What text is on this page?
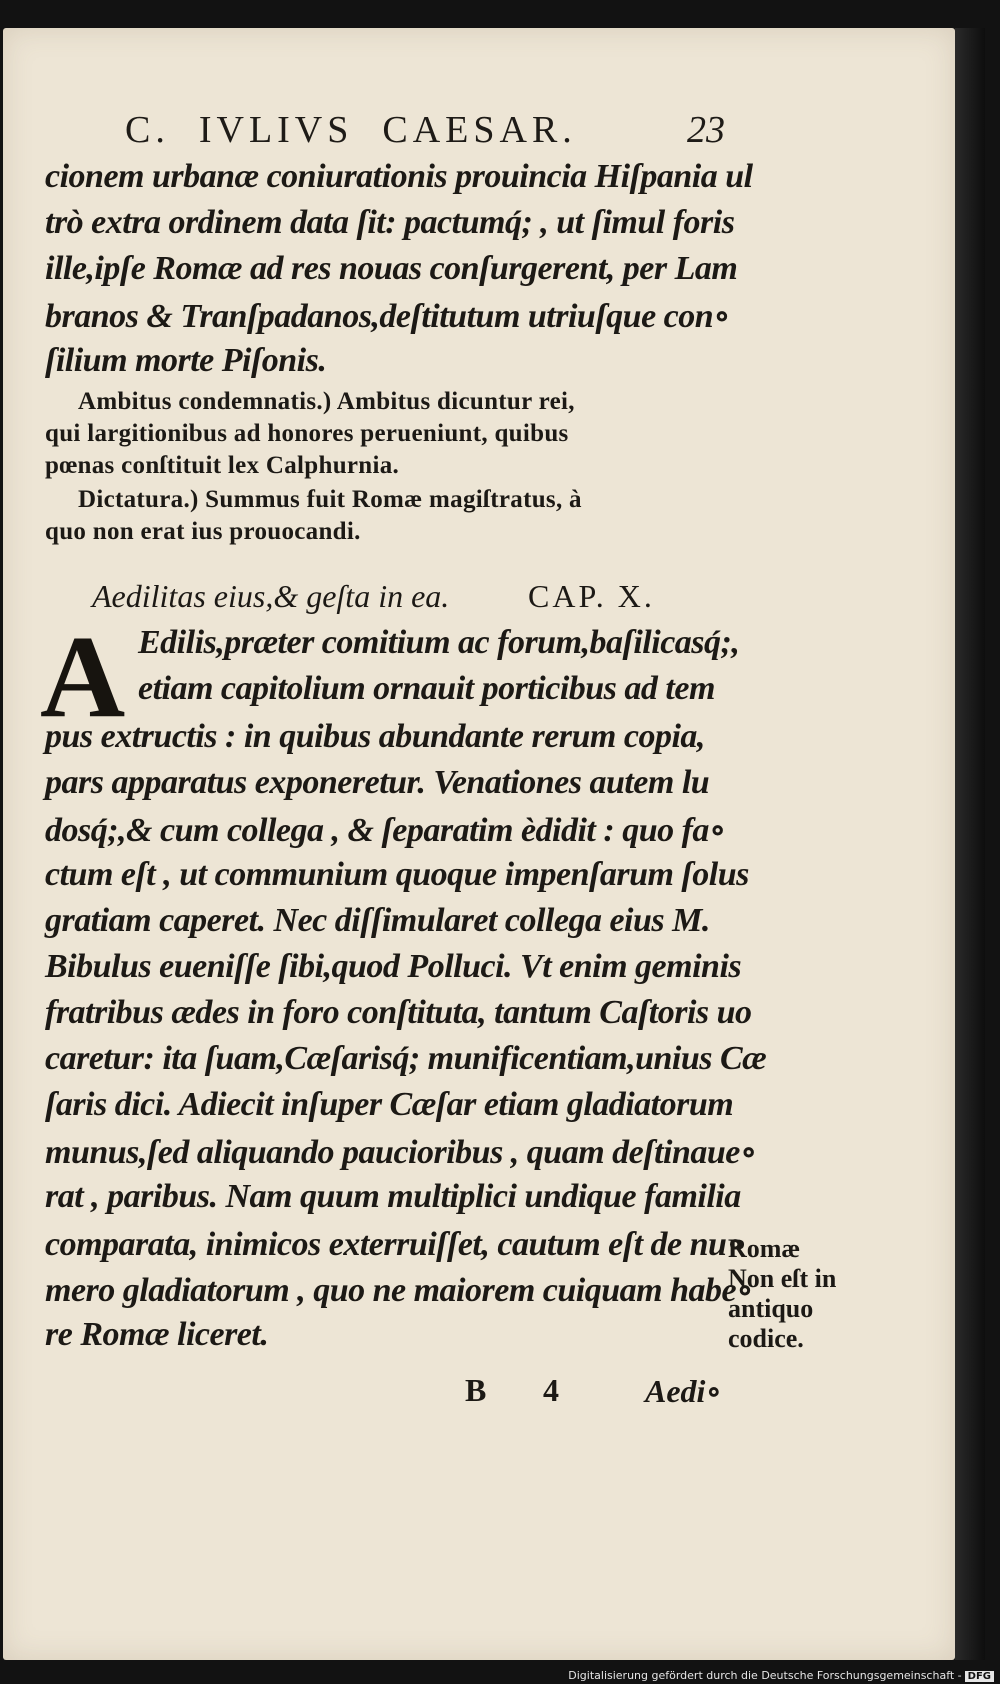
C.  IVLIVS  CAESAR.	23
cionem urbanæ coniurationis prouincia Hiſpania ul
trò extra ordinem data ſit: pactumq́; , ut ſimul foris
ille,ipſe Romæ ad res nouas conſurgerent, per Lam
branos & Tranſpadanos,deſtitutum utriuſque con∘
ſilium morte Piſonis.
Ambitus condemnatis.) Ambitus dicuntur rei,
qui largitionibus ad honores perueniunt, quibus
pœnas conſtituit lex Calphurnia.
Dictatura.) Summus fuit Romæ magiſtratus, à
quo non erat ius prouocandi.
Aedilitas eius,& geſta in ea. CAP. X.
A Edilis,præter comitium ac forum,baſilicasq́;,
etiam capitolium ornauit porticibus ad tem
pus extructis : in quibus abundante rerum copia,
pars apparatus exponeretur. Venationes autem lu
dosq́;,& cum collega , & ſeparatim èdidit : quo fa∘
ctum eſt , ut communium quoque impenſarum ſolus
gratiam caperet. Nec diſſimularet collega eius M.
Bibulus eueniſſe ſibi,quod Polluci. Vt enim geminis
fratribus ædes in foro conſtituta, tantum Caſtoris uo
caretur: ita ſuam,Cæſarisq́; munificentiam,unius Cæ
ſaris dici. Adiecit inſuper Cæſar etiam gladiatorum
munus,ſed aliquando paucioribus , quam deſtinaue∘
rat , paribus. Nam quum multiplici undique familia
comparata, inimicos exterruiſſet, cautum eſt de nu∘
mero gladiatorum , quo ne maiorem cuiquam habe∘
re Romæ liceret.
Romæ
Non eſt in
antiquo
codice.
B 4	Aedi∘
Digitalisierung gefördert durch die Deutsche Forschungsgemeinschaft - DFG
